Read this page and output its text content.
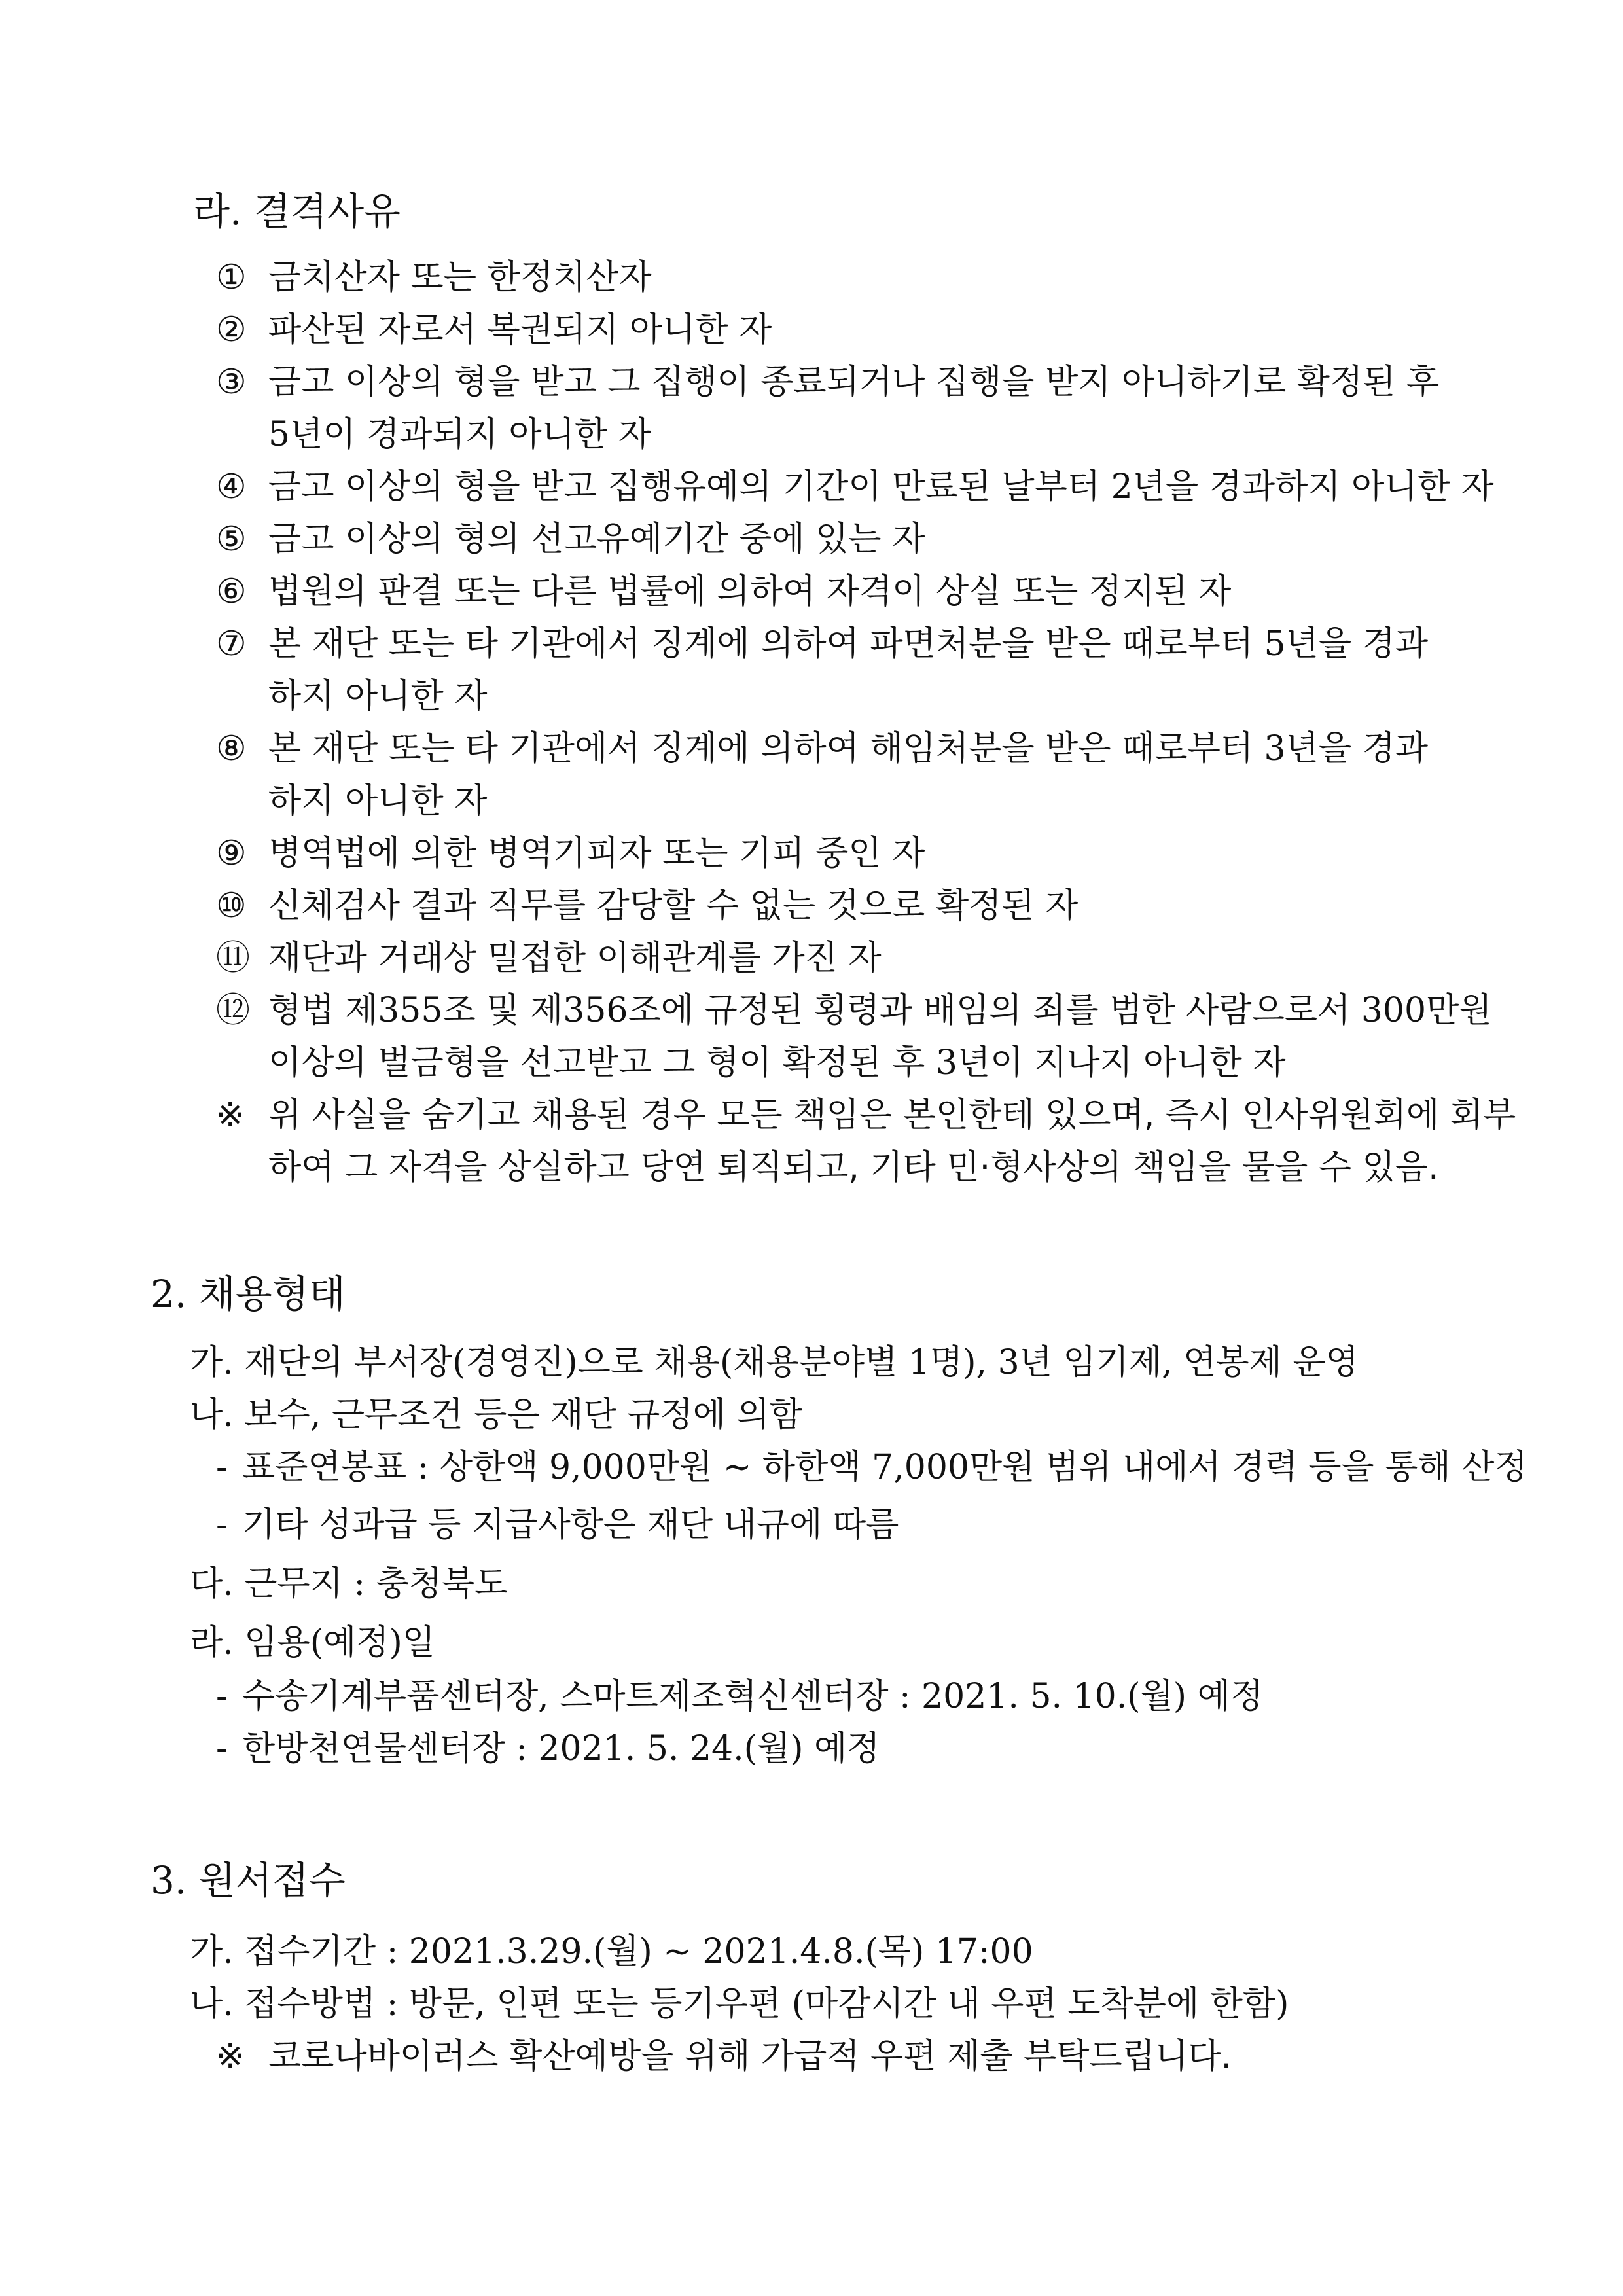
라. 결격사유
① 금치산자 또는 한정치산자
② 파산된 자로서 복권되지 아니한 자
③ 금고 이상의 형을 받고 그 집행이 종료되거나 집행을 받지 아니하기로 확정된 후
5년이 경과되지 아니한 자
④ 금고 이상의 형을 받고 집행유예의 기간이 만료된 날부터 2년을 경과하지 아니한 자
⑤ 금고 이상의 형의 선고유예기간 중에 있는 자
⑥ 법원의 판결 또는 다른 법률에 의하여 자격이 상실 또는 정지된 자
⑦ 본 재단 또는 타 기관에서 징계에 의하여 파면처분을 받은 때로부터 5년을 경과
하지 아니한 자
⑧ 본 재단 또는 타 기관에서 징계에 의하여 해임처분을 받은 때로부터 3년을 경과
하지 아니한 자
⑨ 병역법에 의한 병역기피자 또는 기피 중인 자
⑩ 신체검사 결과 직무를 감당할 수 없는 것으로 확정된 자
⑪ 재단과 거래상 밀접한 이해관계를 가진 자
⑫ 형법 제355조 및 제356조에 규정된 횡령과 배임의 죄를 범한 사람으로서 300만원
이상의 벌금형을 선고받고 그 형이 확정된 후 3년이 지나지 아니한 자
※ 위 사실을 숨기고 채용된 경우 모든 책임은 본인한테 있으며, 즉시 인사위원회에 회부
하여 그 자격을 상실하고 당연 퇴직되고, 기타 민·형사상의 책임을 물을 수 있음.
2. 채용형태
가. 재단의 부서장(경영진)으로 채용(채용분야별 1명), 3년 임기제, 연봉제 운영
나. 보수, 근무조건 등은 재단 규정에 의함
- 표준연봉표 : 상한액 9,000만원 ~ 하한액 7,000만원 범위 내에서 경력 등을 통해 산정
- 기타 성과급 등 지급사항은 재단 내규에 따름
다. 근무지 : 충청북도
라. 임용(예정)일
- 수송기계부품센터장, 스마트제조혁신센터장 : 2021. 5. 10.(월) 예정
- 한방천연물센터장 : 2021. 5. 24.(월) 예정
3. 원서접수
가. 접수기간 : 2021.3.29.(월) ~ 2021.4.8.(목) 17:00
나. 접수방법 : 방문, 인편 또는 등기우편 (마감시간 내 우편 도착분에 한함)
※ 코로나바이러스 확산예방을 위해 가급적 우편 제출 부탁드립니다.
